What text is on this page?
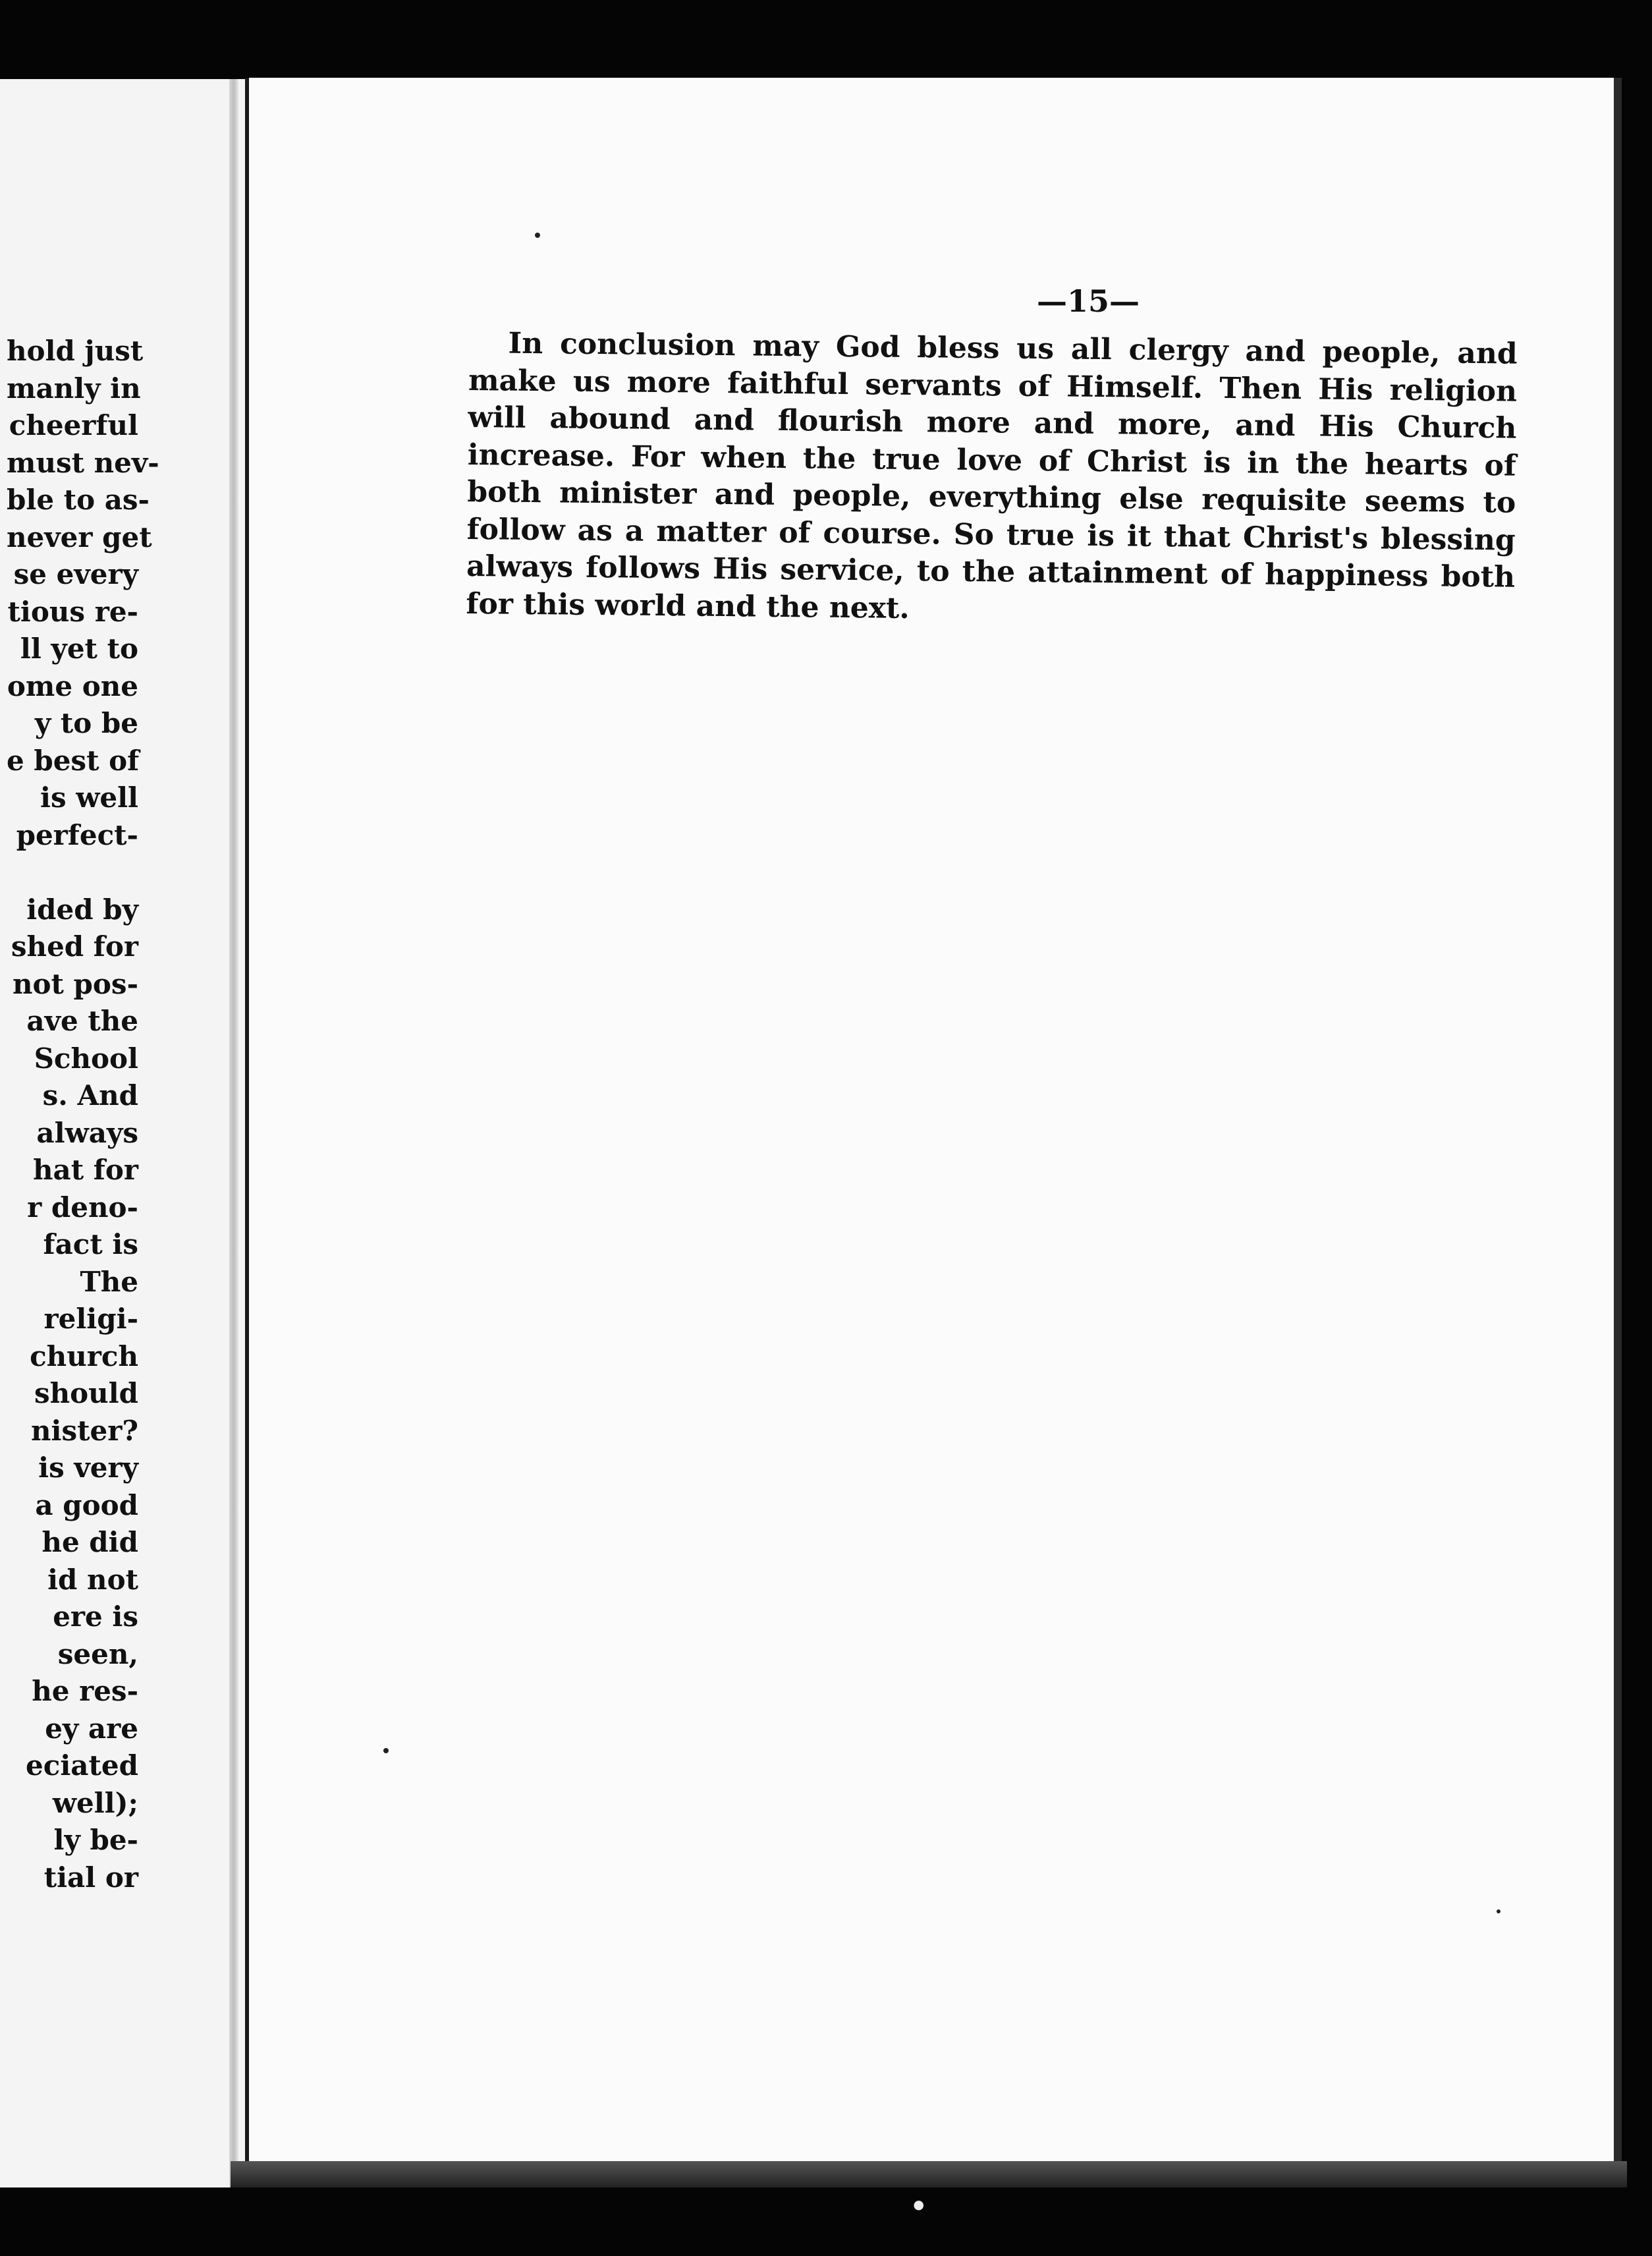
hold just
manly in
cheerful
must nev-
ble to as-
never get
se every
tious re-
ll yet to
ome one
y to be
e best of
is well
perfect-
ided by
shed for
not pos-
ave the
School
s. And
always
hat for
r deno-
fact is
The
religi-
church
should
nister?
is very
a good
he did
id not
ere is
seen,
he res-
ey are
eciated
well);
ly be-
tial or
—15—

In conclusion may God bless us all clergy and people, and make us more faithful servants of Himself. Then His religion will abound and flourish more and more, and His Church increase. For when the true love of Christ is in the hearts of both minister and people, everything else requisite seems to follow as a matter of course. So true is it that Christ's blessing always follows His service, to the attainment of happiness both for this world and the next.

•
